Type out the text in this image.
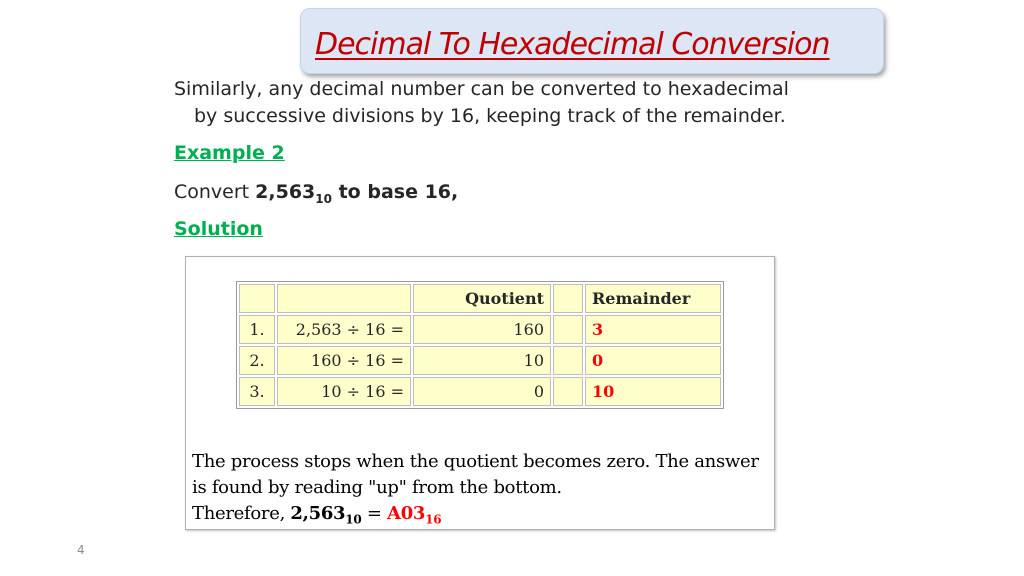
Decimal To Hexadecimal Conversion
Similarly, any decimal number can be converted to hexadecimal
by successive divisions by 16, keeping track of the remainder.
Example 2
Convert $2,563_{10}$ to base 16,
Solution
		Quotient		Remainder
1.	2,563 ÷ 16 =	160		3
2.	160 ÷ 16 =	10		0
3.	10 ÷ 16 =	0		10
The process stops when the quotient becomes zero. The answer
is found by reading "up" from the bottom.
Therefore, $2,563_{10} = A03_{16}$
4
